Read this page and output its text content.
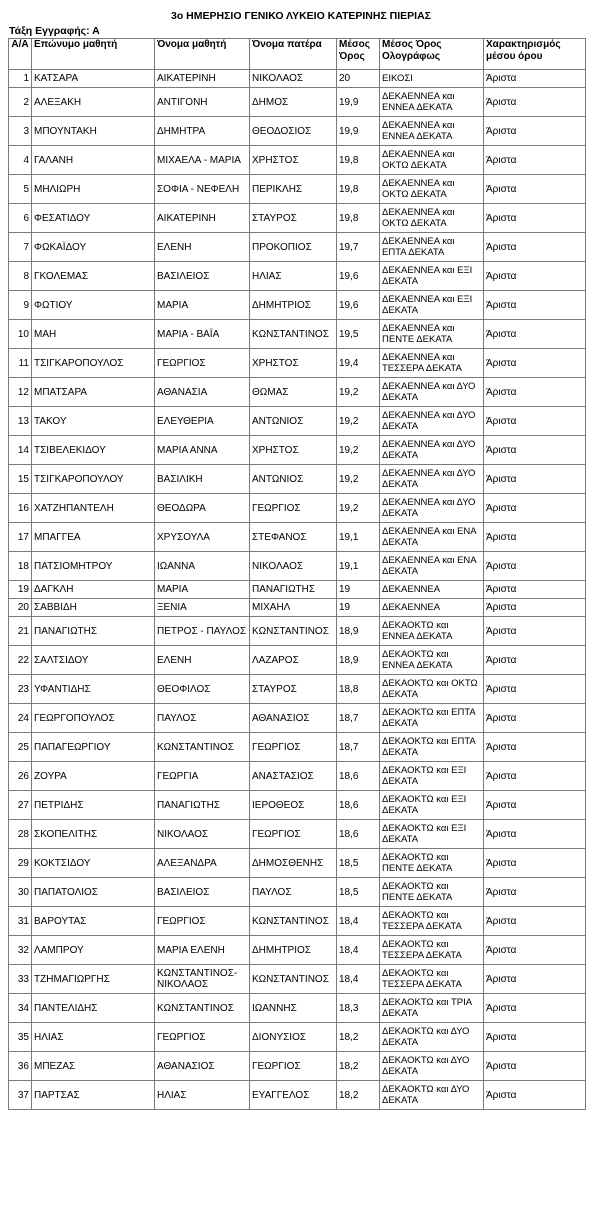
3ο ΗΜΕΡΗΣΙΟ ΓΕΝΙΚΟ ΛΥΚΕΙΟ ΚΑΤΕΡΙΝΗΣ ΠΙΕΡΙΑΣ
Τάξη Εγγραφής: Α
Α/Α	Επώνυμο μαθητή	Όνομα μαθητή	Όνομα πατέρα	Μέσος Όρος	Μέσος Όρος Ολογράφως	Χαρακτηρισμός μέσου όρου
1	ΚΑΤΣΑΡΑ	ΑΙΚΑΤΕΡΙΝΗ	ΝΙΚΟΛΑΟΣ	20	ΕΙΚΟΣΙ	Άριστα
2	ΑΛΕΞΑΚΗ	ΑΝΤΙΓΟΝΗ	ΔΗΜΟΣ	19,9	ΔΕΚΑΕΝΝΕΑ και ΕΝΝΕΑ ΔΕΚΑΤΑ	Άριστα
3	ΜΠΟΥΝΤΑΚΗ	ΔΗΜΗΤΡΑ	ΘΕΟΔΟΣΙΟΣ	19,9	ΔΕΚΑΕΝΝΕΑ και ΕΝΝΕΑ ΔΕΚΑΤΑ	Άριστα
4	ΓΑΛΑΝΗ	ΜΙΧΑΕΛΑ - ΜΑΡΙΑ	ΧΡΗΣΤΟΣ	19,8	ΔΕΚΑΕΝΝΕΑ και ΟΚΤΩ ΔΕΚΑΤΑ	Άριστα
5	ΜΗΛΙΩΡΗ	ΣΟΦΙΑ - ΝΕΦΕΛΗ	ΠΕΡΙΚΛΗΣ	19,8	ΔΕΚΑΕΝΝΕΑ και ΟΚΤΩ ΔΕΚΑΤΑ	Άριστα
6	ΦΕΣΑΤΙΔΟΥ	ΑΙΚΑΤΕΡΙΝΗ	ΣΤΑΥΡΟΣ	19,8	ΔΕΚΑΕΝΝΕΑ και ΟΚΤΩ ΔΕΚΑΤΑ	Άριστα
7	ΦΩΚΑΪΔΟΥ	ΕΛΕΝΗ	ΠΡΟΚΟΠΙΟΣ	19,7	ΔΕΚΑΕΝΝΕΑ και ΕΠΤΑ ΔΕΚΑΤΑ	Άριστα
8	ΓΚΟΛΕΜΑΣ	ΒΑΣΙΛΕΙΟΣ	ΗΛΙΑΣ	19,6	ΔΕΚΑΕΝΝΕΑ και ΕΞΙ ΔΕΚΑΤΑ	Άριστα
9	ΦΩΤΙΟΥ	ΜΑΡΙΑ	ΔΗΜΗΤΡΙΟΣ	19,6	ΔΕΚΑΕΝΝΕΑ και ΕΞΙ ΔΕΚΑΤΑ	Άριστα
10	ΜΑΗ	ΜΑΡΙΑ - ΒΑΪΑ	ΚΩΝΣΤΑΝΤΙΝΟΣ	19,5	ΔΕΚΑΕΝΝΕΑ και ΠΕΝΤΕ ΔΕΚΑΤΑ	Άριστα
11	ΤΣΙΓΚΑΡΟΠΟΥΛΟΣ	ΓΕΩΡΓΙΟΣ	ΧΡΗΣΤΟΣ	19,4	ΔΕΚΑΕΝΝΕΑ και ΤΕΣΣΕΡΑ ΔΕΚΑΤΑ	Άριστα
12	ΜΠΑΤΣΑΡΑ	ΑΘΑΝΑΣΙΑ	ΘΩΜΑΣ	19,2	ΔΕΚΑΕΝΝΕΑ και ΔΥΟ ΔΕΚΑΤΑ	Άριστα
13	ΤΑΚΟΥ	ΕΛΕΥΘΕΡΙΑ	ΑΝΤΩΝΙΟΣ	19,2	ΔΕΚΑΕΝΝΕΑ και ΔΥΟ ΔΕΚΑΤΑ	Άριστα
14	ΤΣΙΒΕΛΕΚΙΔΟΥ	ΜΑΡΙΑ ΑΝΝΑ	ΧΡΗΣΤΟΣ	19,2	ΔΕΚΑΕΝΝΕΑ και ΔΥΟ ΔΕΚΑΤΑ	Άριστα
15	ΤΣΙΓΚΑΡΟΠΟΥΛΟΥ	ΒΑΣΙΛΙΚΗ	ΑΝΤΩΝΙΟΣ	19,2	ΔΕΚΑΕΝΝΕΑ και ΔΥΟ ΔΕΚΑΤΑ	Άριστα
16	ΧΑΤΖΗΠΑΝΤΕΛΗ	ΘΕΟΔΩΡΑ	ΓΕΩΡΓΙΟΣ	19,2	ΔΕΚΑΕΝΝΕΑ και ΔΥΟ ΔΕΚΑΤΑ	Άριστα
17	ΜΠΑΓΓΕΑ	ΧΡΥΣΟΥΛΑ	ΣΤΕΦΑΝΟΣ	19,1	ΔΕΚΑΕΝΝΕΑ και ΕΝΑ ΔΕΚΑΤΑ	Άριστα
18	ΠΑΤΣΙΟΜΗΤΡΟΥ	ΙΩΑΝΝΑ	ΝΙΚΟΛΑΟΣ	19,1	ΔΕΚΑΕΝΝΕΑ και ΕΝΑ ΔΕΚΑΤΑ	Άριστα
19	ΔΑΓΚΛΗ	ΜΑΡΙΑ	ΠΑΝΑΓΙΩΤΗΣ	19	ΔΕΚΑΕΝΝΕΑ	Άριστα
20	ΣΑΒΒΙΔΗ	ΞΕΝΙΑ	ΜΙΧΑΗΛ	19	ΔΕΚΑΕΝΝΕΑ	Άριστα
21	ΠΑΝΑΓΙΩΤΗΣ	ΠΕΤΡΟΣ - ΠΑΥΛΟΣ	ΚΩΝΣΤΑΝΤΙΝΟΣ	18,9	ΔΕΚΑΟΚΤΩ και ΕΝΝΕΑ ΔΕΚΑΤΑ	Άριστα
22	ΣΑΛΤΣΙΔΟΥ	ΕΛΕΝΗ	ΛΑΖΑΡΟΣ	18,9	ΔΕΚΑΟΚΤΩ και ΕΝΝΕΑ ΔΕΚΑΤΑ	Άριστα
23	ΥΦΑΝΤΙΔΗΣ	ΘΕΟΦΙΛΟΣ	ΣΤΑΥΡΟΣ	18,8	ΔΕΚΑΟΚΤΩ και ΟΚΤΩ ΔΕΚΑΤΑ	Άριστα
24	ΓΕΩΡΓΟΠΟΥΛΟΣ	ΠΑΥΛΟΣ	ΑΘΑΝΑΣΙΟΣ	18,7	ΔΕΚΑΟΚΤΩ και ΕΠΤΑ ΔΕΚΑΤΑ	Άριστα
25	ΠΑΠΑΓΕΩΡΓΙΟΥ	ΚΩΝΣΤΑΝΤΙΝΟΣ	ΓΕΩΡΓΙΟΣ	18,7	ΔΕΚΑΟΚΤΩ και ΕΠΤΑ ΔΕΚΑΤΑ	Άριστα
26	ΖΟΥΡΑ	ΓΕΩΡΓΙΑ	ΑΝΑΣΤΑΣΙΟΣ	18,6	ΔΕΚΑΟΚΤΩ και ΕΞΙ ΔΕΚΑΤΑ	Άριστα
27	ΠΕΤΡΙΔΗΣ	ΠΑΝΑΓΙΩΤΗΣ	ΙΕΡΟΘΕΟΣ	18,6	ΔΕΚΑΟΚΤΩ και ΕΞΙ ΔΕΚΑΤΑ	Άριστα
28	ΣΚΟΠΕΛΙΤΗΣ	ΝΙΚΟΛΑΟΣ	ΓΕΩΡΓΙΟΣ	18,6	ΔΕΚΑΟΚΤΩ και ΕΞΙ ΔΕΚΑΤΑ	Άριστα
29	ΚΟΚΤΣΙΔΟΥ	ΑΛΕΞΑΝΔΡΑ	ΔΗΜΟΣΘΕΝΗΣ	18,5	ΔΕΚΑΟΚΤΩ και ΠΕΝΤΕ ΔΕΚΑΤΑ	Άριστα
30	ΠΑΠΑΤΟΛΙΟΣ	ΒΑΣΙΛΕΙΟΣ	ΠΑΥΛΟΣ	18,5	ΔΕΚΑΟΚΤΩ και ΠΕΝΤΕ ΔΕΚΑΤΑ	Άριστα
31	ΒΑΡΟΥΤΑΣ	ΓΕΩΡΓΙΟΣ	ΚΩΝΣΤΑΝΤΙΝΟΣ	18,4	ΔΕΚΑΟΚΤΩ και ΤΕΣΣΕΡΑ ΔΕΚΑΤΑ	Άριστα
32	ΛΑΜΠΡΟΥ	ΜΑΡΙΑ ΕΛΕΝΗ	ΔΗΜΗΤΡΙΟΣ	18,4	ΔΕΚΑΟΚΤΩ και ΤΕΣΣΕΡΑ ΔΕΚΑΤΑ	Άριστα
33	ΤΖΗΜΑΓΙΩΡΓΗΣ	ΚΩΝΣΤΑΝΤΙΝΟΣ-ΝΙΚΟΛΑΟΣ	ΚΩΝΣΤΑΝΤΙΝΟΣ	18,4	ΔΕΚΑΟΚΤΩ και ΤΕΣΣΕΡΑ ΔΕΚΑΤΑ	Άριστα
34	ΠΑΝΤΕΛΙΔΗΣ	ΚΩΝΣΤΑΝΤΙΝΟΣ	ΙΩΑΝΝΗΣ	18,3	ΔΕΚΑΟΚΤΩ και ΤΡΙΑ ΔΕΚΑΤΑ	Άριστα
35	ΗΛΙΑΣ	ΓΕΩΡΓΙΟΣ	ΔΙΟΝΥΣΙΟΣ	18,2	ΔΕΚΑΟΚΤΩ και ΔΥΟ ΔΕΚΑΤΑ	Άριστα
36	ΜΠΕΖΑΣ	ΑΘΑΝΑΣΙΟΣ	ΓΕΩΡΓΙΟΣ	18,2	ΔΕΚΑΟΚΤΩ και ΔΥΟ ΔΕΚΑΤΑ	Άριστα
37	ΠΑΡΤΣΑΣ	ΗΛΙΑΣ	ΕΥΑΓΓΕΛΟΣ	18,2	ΔΕΚΑΟΚΤΩ και ΔΥΟ ΔΕΚΑΤΑ	Άριστα
